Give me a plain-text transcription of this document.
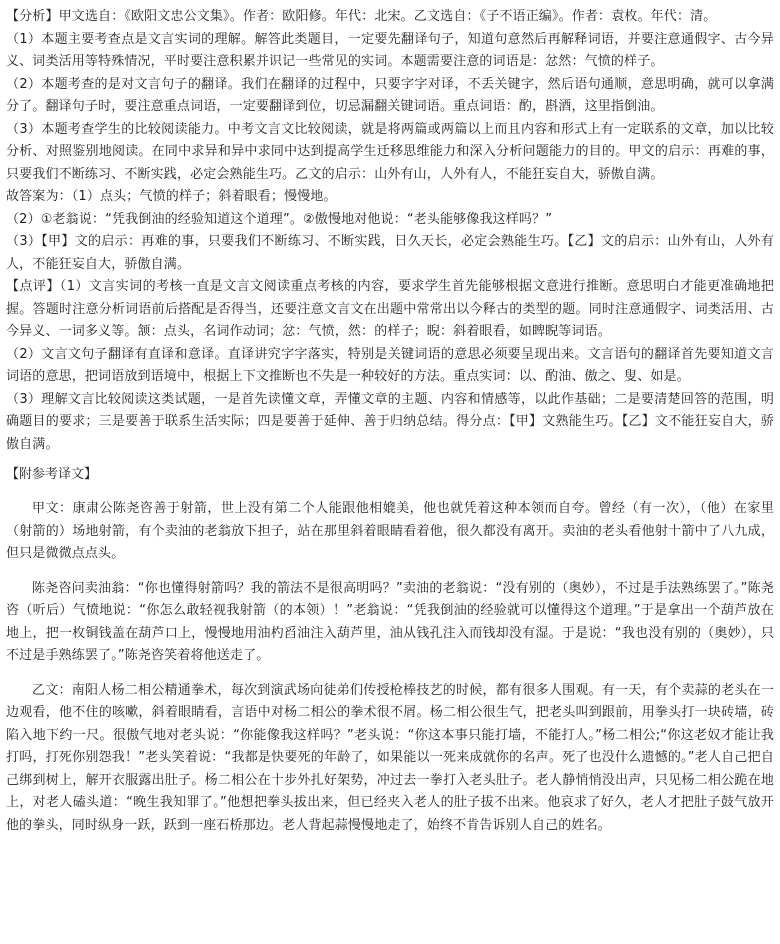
【分析】甲文选自：《欧阳文忠公文集》。作者：欧阳修。年代：北宋。乙文选自：《子不语正编》。作者：袁枚。年代：清。

（1）本题主要考查点是文言实词的理解。解答此类题目，一定要先翻译句子，知道句意然后再解释词语，并要注意通假字、古今异义、词类活用等特殊情况，平时要注意积累并识记一些常见的实词。本题需要注意的词语是：忿然：气愤的样子。

（2）本题考查的是对文言句子的翻译。我们在翻译的过程中，只要字字对译，不丢关键字，然后语句通顺，意思明确，就可以拿满分了。翻译句子时，要注意重点词语，一定要翻译到位，切忌漏翻关键词语。重点词语：酌，斟酒，这里指倒油。

（3）本题考查学生的比较阅读能力。中考文言文比较阅读，就是将两篇或两篇以上而且内容和形式上有一定联系的文章，加以比较分析、对照鉴别地阅读。在同中求异和异中求同中达到提高学生迁移思维能力和深入分析问题能力的目的。甲文的启示：再难的事，只要我们不断练习、不断实践，必定会熟能生巧。乙文的启示：山外有山，人外有人，不能狂妄自大，骄傲自满。

故答案为：（1）点头；气愤的样子；斜着眼看；慢慢地。

（2）①老翁说：“凭我倒油的经验知道这个道理”。②傲慢地对他说：“老头能够像我这样吗？”

（3）【甲】文的启示：再难的事，只要我们不断练习、不断实践，日久天长，必定会熟能生巧。【乙】文的启示：山外有山，人外有人，不能狂妄自大，骄傲自满。

【点评】（1）文言实词的考核一直是文言文阅读重点考核的内容，要求学生首先能够根据文意进行推断。意思明白才能更准确地把握。答题时注意分析词语前后搭配是否得当，还要注意文言文在出题中常常出以今释古的类型的题。同时注意通假字、词类活用、古今异义、一词多义等。颔：点头，名词作动词；忿：气愤，然：的样子；睨：斜着眼看，如睥睨等词语。

（2）文言文句子翻译有直译和意译。直译讲究字字落实，特别是关键词语的意思必须要呈现出来。文言语句的翻译首先要知道文言词语的意思，把词语放到语境中，根据上下文推断也不失是一种较好的方法。重点实词：以、酌油、傲之、叟、如是。

（3）理解文言比较阅读这类试题，一是首先读懂文章，弄懂文章的主题、内容和情感等，以此作基础；二是要清楚回答的范围，明确题目的要求；三是要善于联系生活实际；四是要善于延伸、善于归纳总结。得分点：【甲】文熟能生巧。【乙】文不能狂妄自大，骄傲自满。

【附参考译文】

甲文：康肃公陈尧咨善于射箭，世上没有第二个人能跟他相媲美，他也就凭着这种本领而自夸。曾经（有一次），（他）在家里（射箭的）场地射箭，有个卖油的老翁放下担子，站在那里斜着眼睛看着他，很久都没有离开。卖油的老头看他射十箭中了八九成，但只是微微点点头。

陈尧咨问卖油翁：“你也懂得射箭吗？我的箭法不是很高明吗？”卖油的老翁说：“没有别的（奥妙），不过是手法熟练罢了。”陈尧咨（听后）气愤地说：“你怎么敢轻视我射箭（的本领）！”老翁说：“凭我倒油的经验就可以懂得这个道理。”于是拿出一个葫芦放在地上，把一枚铜钱盖在葫芦口上，慢慢地用油杓舀油注入葫芦里，油从钱孔注入而钱却没有湿。于是说：“我也没有别的（奥妙），只不过是手熟练罢了。”陈尧咨笑着将他送走了。

乙文：南阳人杨二相公精通拳术，每次到演武场向徒弟们传授枪棒技艺的时候，都有很多人围观。有一天，有个卖蒜的老头在一边观看，他不住的咳嗽，斜着眼睛看，言语中对杨二相公的拳术很不屑。杨二相公很生气，把老头叫到跟前，用拳头打一块砖墙，砖陷入地下约一尺。很傲气地对老头说：“你能像我这样吗？”老头说：“你这本事只能打墙，不能打人。”杨二相公;“你这老奴才能让我打吗，打死你别怨我！”老头笑着说：“我都是快要死的年龄了，如果能以一死来成就你的名声。死了也没什么遗憾的。”老人自己把自己绑到树上，解开衣服露出肚子。杨二相公在十步外扎好架势，冲过去一拳打入老头肚子。老人静悄悄没出声，只见杨二相公跪在地上，对老人磕头道：“晚生我知罪了。”他想把拳头拔出来，但已经夹入老人的肚子拔不出来。他哀求了好久，老人才把肚子鼓气放开他的拳头，同时纵身一跃，跃到一座石桥那边。老人背起蒜慢慢地走了，始终不肯告诉别人自己的姓名。
